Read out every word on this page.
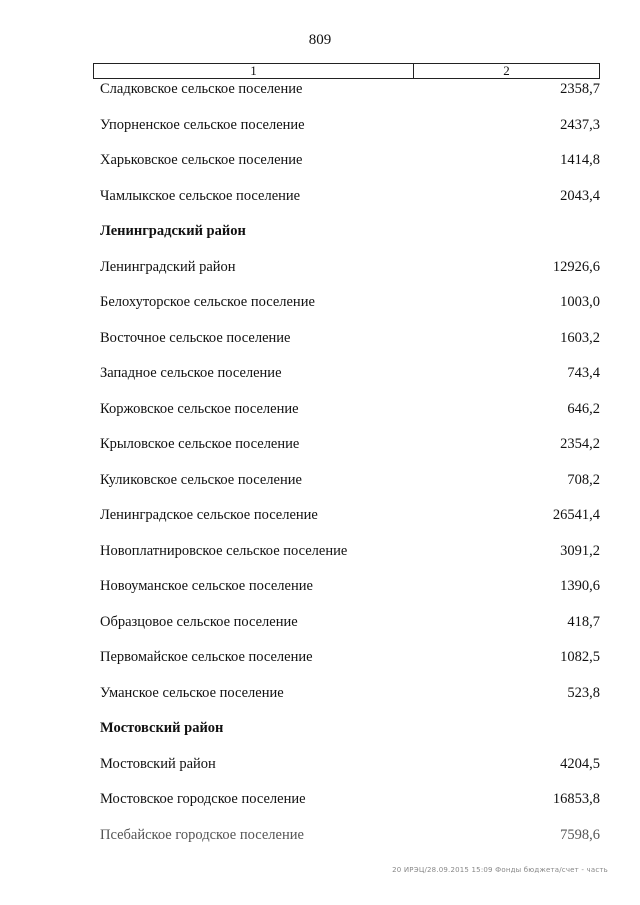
809
1	2
Сладковское сельское поселение	2358,7
Упорненское сельское поселение	2437,3
Харьковское сельское поселение	1414,8
Чамлыкское сельское поселение	2043,4
Ленинградский район
Ленинградский район	12926,6
Белохуторское сельское поселение	1003,0
Восточное сельское поселение	1603,2
Западное сельское поселение	743,4
Коржовское сельское поселение	646,2
Крыловское сельское поселение	2354,2
Куликовское сельское поселение	708,2
Ленинградское сельское поселение	26541,4
Новоплатнировское сельское поселение	3091,2
Новоуманское сельское поселение	1390,6
Образцовое сельское поселение	418,7
Первомайское сельское поселение	1082,5
Уманское сельское поселение	523,8
Мостовский район
Мостовский район	4204,5
Мостовское городское поселение	16853,8
Псебайское городское поселение	7598,6
20 ИРЭЦ/28.09.2015 15:09 Фонды бюджета/счет - часть
